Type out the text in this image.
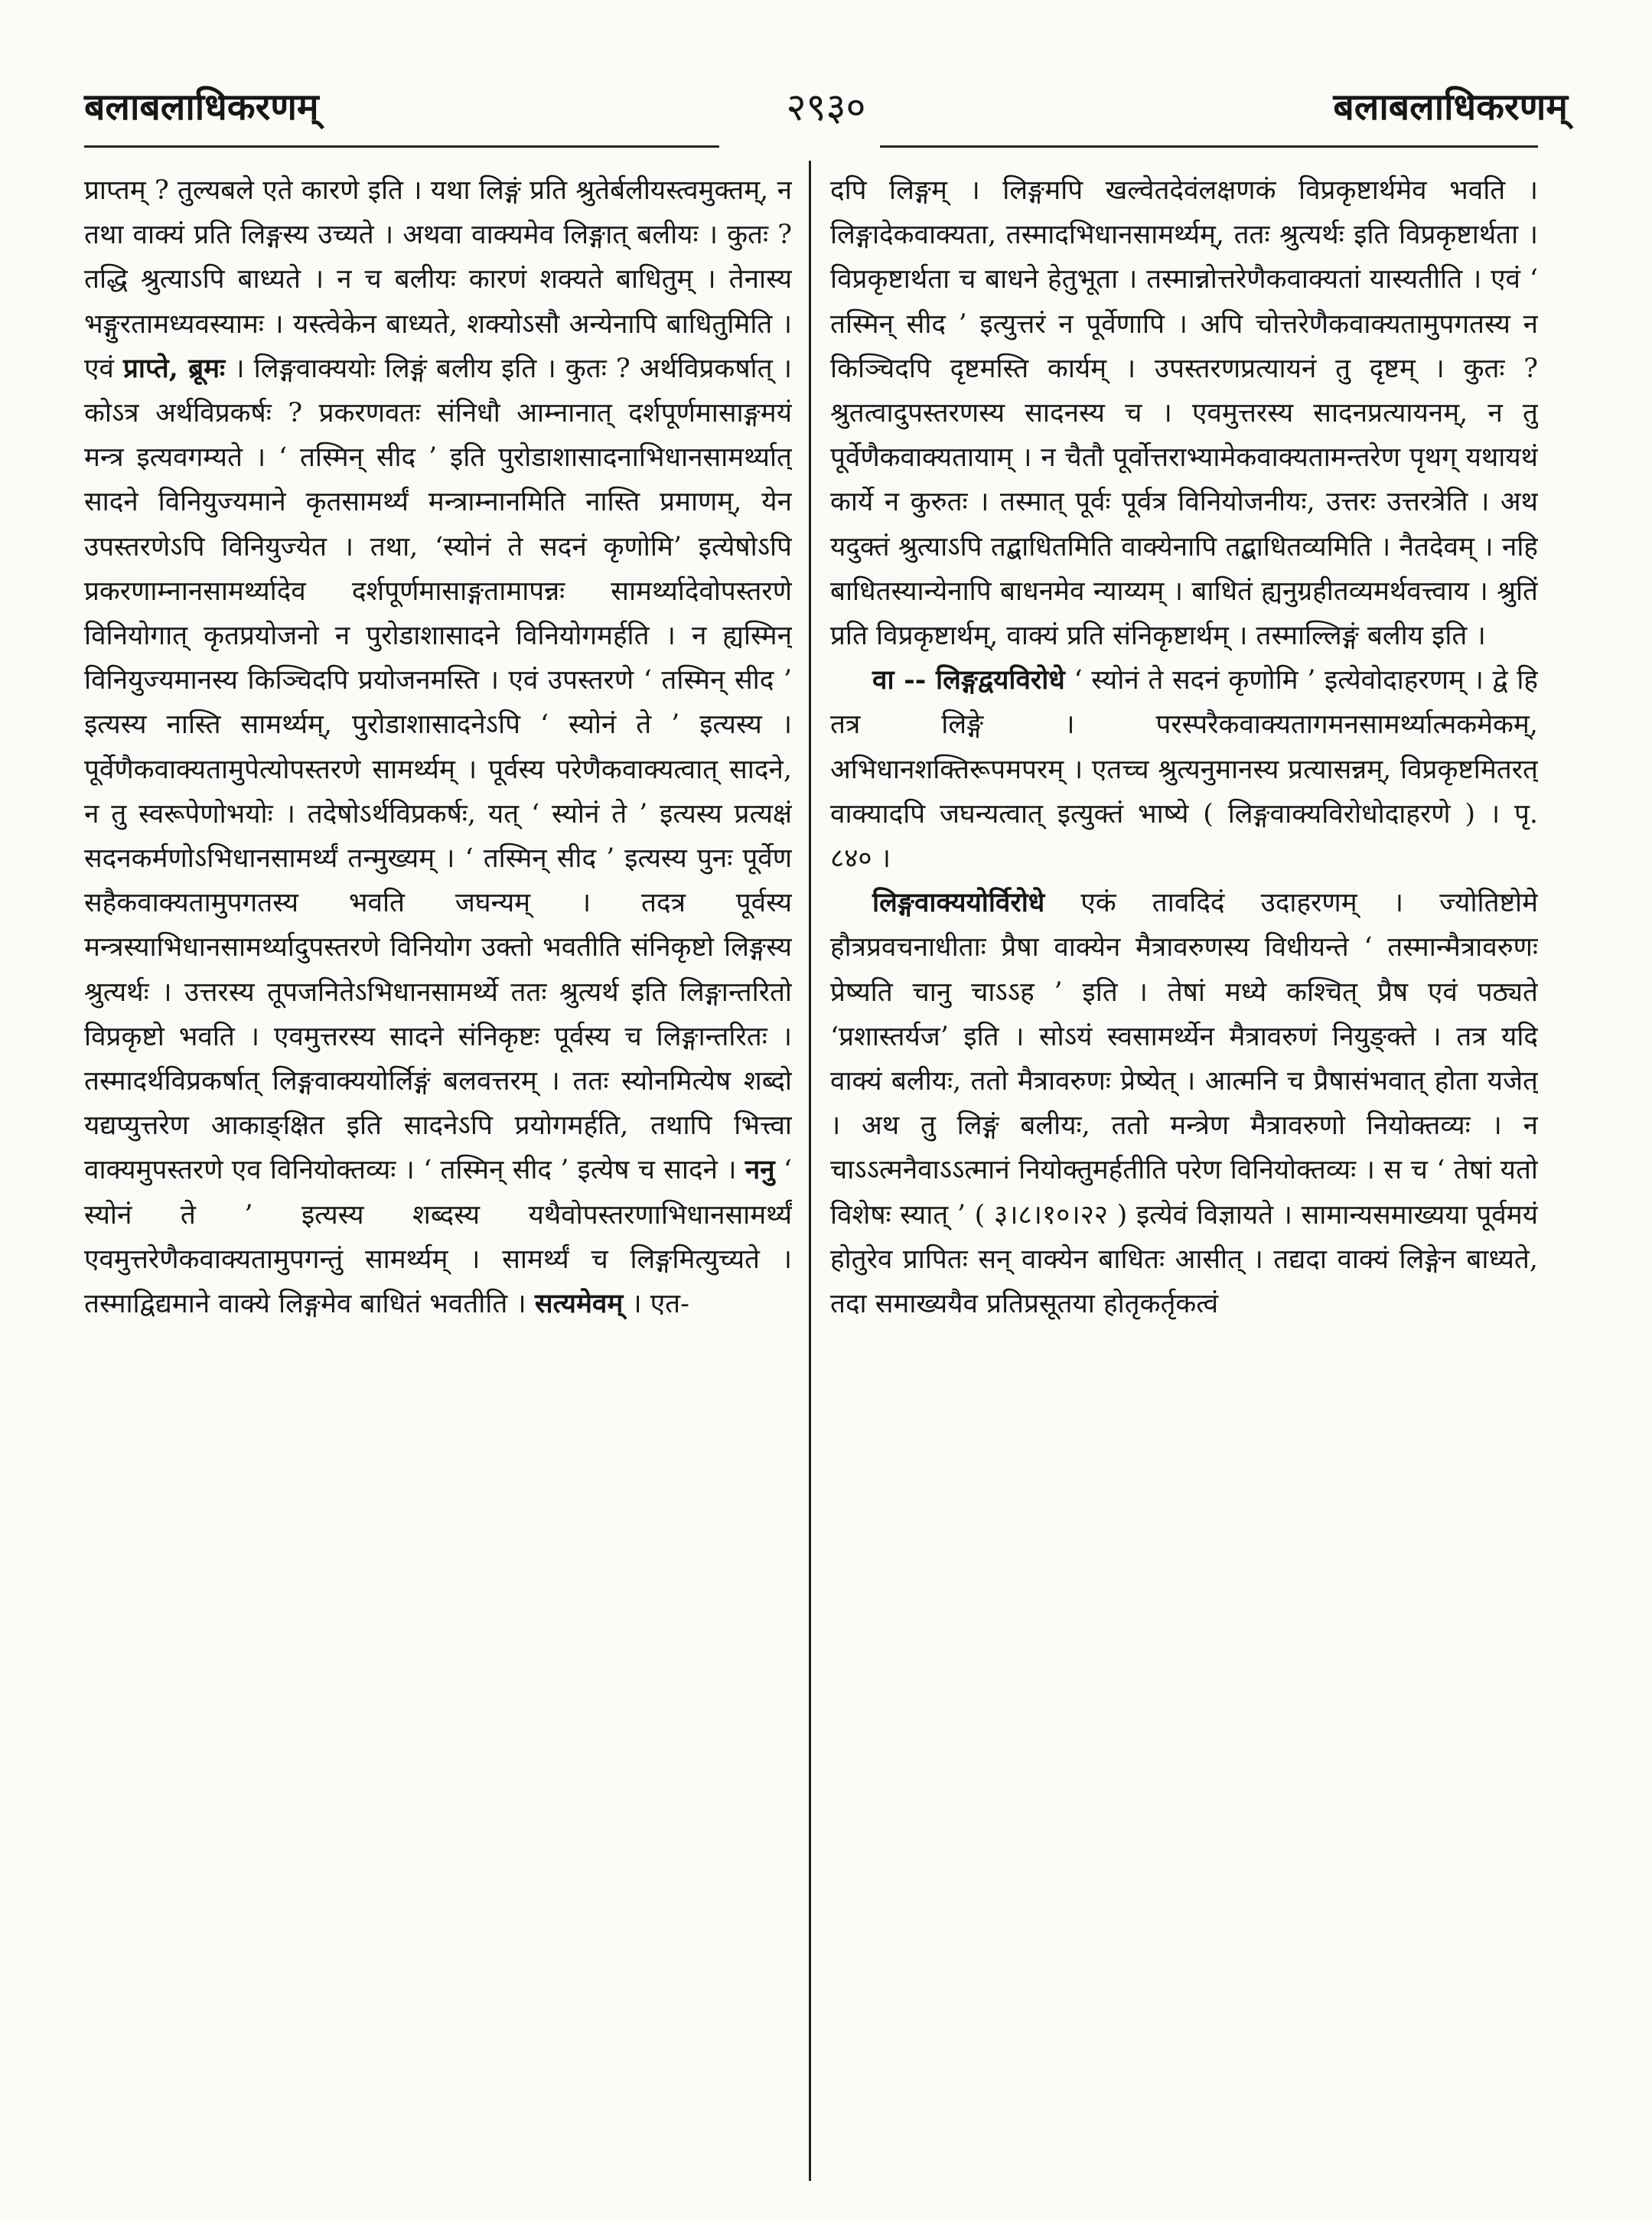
२९३०
बलाबलाधिकरणम्	बलाबलाधिकरणम्

प्राप्तम् ? तुल्यबले एते कारणे इति । यथा लिङ्गं प्रति श्रुतेर्बलीयस्त्वमुक्तम्, न तथा वाक्यं प्रति लिङ्गस्य उच्यते । अथवा वाक्यमेव लिङ्गात् बलीयः । कुतः ? तद्धि श्रुत्याऽपि बाध्यते । न च बलीयः कारणं शक्यते बाधितुम् । तेनास्य भङ्गुरतामध्यवस्यामः । यस्त्वेकेन बाध्यते, शक्योऽसौ अन्येनापि बाधितुमिति । एवं प्राप्ते, ब्रूमः । लिङ्गवाक्ययोः लिङ्गं बलीय इति । कुतः ? अर्थविप्रकर्षात् । कोऽत्र अर्थविप्रकर्षः ? प्रकरणवतः संनिधौ आम्नानात् दर्शपूर्णमासाङ्गमयं मन्त्र इत्यवगम्यते । ‘ तस्मिन् सीद ’ इति पुरोडाशासादनाभिधानसामर्थ्यात् सादने विनियुज्यमाने कृतसामर्थ्यं मन्त्राम्नानमिति नास्ति प्रमाणम्, येन उपस्तरणेऽपि विनियुज्येत । तथा, ‘स्योनं ते सदनं कृणोमि’ इत्येषोऽपि प्रकरणाम्नानसामर्थ्यादेव दर्शपूर्णमासाङ्गतामापन्नः सामर्थ्यादेवोपस्तरणे विनियोगात् कृतप्रयोजनो न पुरोडाशासादने विनियोगमर्हति । न ह्यस्मिन् विनियुज्यमानस्य किञ्चिदपि प्रयोजनमस्ति । एवं उपस्तरणे ‘ तस्मिन् सीद ’ इत्यस्य नास्ति सामर्थ्यम्, पुरोडाशासादनेऽपि ‘ स्योनं ते ’ इत्यस्य । पूर्वेणैकवाक्यतामुपेत्योपस्तरणे सामर्थ्यम् । पूर्वस्य परेणैकवाक्यत्वात् सादने, न तु स्वरूपेणोभयोः । तदेषोऽर्थविप्रकर्षः, यत् ‘ स्योनं ते ’ इत्यस्य प्रत्यक्षं सदनकर्मणोऽभिधानसामर्थ्यं तन्मुख्यम् । ‘ तस्मिन् सीद ’ इत्यस्य पुनः पूर्वेण सहैकवाक्यतामुपगतस्य भवति जघन्यम् । तदत्र पूर्वस्य मन्त्रस्याभिधानसामर्थ्यादुपस्तरणे विनियोग उक्तो भवतीति संनिकृष्टो लिङ्गस्य श्रुत्यर्थः । उत्तरस्य तूपजनितेऽभिधानसामर्थ्ये ततः श्रुत्यर्थ इति लिङ्गान्तरितो विप्रकृष्टो भवति । एवमुत्तरस्य सादने संनिकृष्टः पूर्वस्य च लिङ्गान्तरितः । तस्मादर्थविप्रकर्षात् लिङ्गवाक्ययोर्लिङ्गं बलवत्तरम् । ततः स्योनमित्येष शब्दो यद्यप्युत्तरेण आकाङ्क्षित इति सादनेऽपि प्रयोगमर्हति, तथापि भित्त्वा वाक्यमुपस्तरणे एव विनियोक्तव्यः । ‘ तस्मिन् सीद ’ इत्येष च सादने । ननु ‘ स्योनं ते ’ इत्यस्य शब्दस्य यथैवोपस्तरणाभिधानसामर्थ्यं एवमुत्तरेणैकवाक्यतामुपगन्तुं सामर्थ्यम् । सामर्थ्यं च लिङ्गमित्युच्यते । तस्माद्विद्यमाने वाक्ये लिङ्गमेव बाधितं भवतीति । सत्यमेवम् । एत-

दपि लिङ्गम् । लिङ्गमपि खल्वेतदेवंलक्षणकं विप्रकृष्टार्थमेव भवति । लिङ्गादेकवाक्यता, तस्मादभिधानसामर्थ्यम्, ततः श्रुत्यर्थः इति विप्रकृष्टार्थता । विप्रकृष्टार्थता च बाधने हेतुभूता । तस्मान्नोत्तरेणैकवाक्यतां यास्यतीति । एवं ‘ तस्मिन् सीद ’ इत्युत्तरं न पूर्वेणापि । अपि चोत्तरेणैकवाक्यतामुपगतस्य न किञ्चिदपि दृष्टमस्ति कार्यम् । उपस्तरणप्रत्यायनं तु दृष्टम् । कुतः ? श्रुतत्वादुपस्तरणस्य सादनस्य च । एवमुत्तरस्य सादनप्रत्यायनम्, न तु पूर्वेणैकवाक्यतायाम् । न चैतौ पूर्वोत्तराभ्यामेकवाक्यतामन्तरेण पृथग् यथायथं कार्ये न कुरुतः । तस्मात् पूर्वः पूर्वत्र विनियोजनीयः, उत्तरः उत्तरत्रेति । अथ यदुक्तं श्रुत्याऽपि तद्बाधितमिति वाक्येनापि तद्बाधितव्यमिति । नैतदेवम् । नहि बाधितस्यान्येनापि बाधनमेव न्याय्यम् । बाधितं ह्यनुग्रहीतव्यमर्थवत्त्वाय । श्रुतिं प्रति विप्रकृष्टार्थम्, वाक्यं प्रति संनिकृष्टार्थम् । तस्माल्लिङ्गं बलीय इति ।

वा -- लिङ्गद्वयविरोधे ‘ स्योनं ते सदनं कृणोमि ’ इत्येवोदाहरणम् । द्वे हि तत्र लिङ्गे । परस्परैकवाक्यतागमनसामर्थ्यात्मकमेकम्, अभिधानशक्तिरूपमपरम् । एतच्च श्रुत्यनुमानस्य प्रत्यासन्नम्, विप्रकृष्टमितरत् वाक्यादपि जघन्यत्वात् इत्युक्तं भाष्ये ( लिङ्गवाक्यविरोधोदाहरणे ) । पृ. ८४० ।

लिङ्गवाक्ययोर्विरोधे एकं तावदिदं उदाहरणम् । ज्योतिष्टोमे हौत्रप्रवचनाधीताः प्रैषा वाक्येन मैत्रावरुणस्य विधीयन्ते ‘ तस्मान्मैत्रावरुणः प्रेष्यति चानु चाऽऽह ’ इति । तेषां मध्ये कश्चित् प्रैष एवं पठ्यते ‘प्रशास्तर्यज’ इति । सोऽयं स्वसामर्थ्येन मैत्रावरुणं नियुङ्क्ते । तत्र यदि वाक्यं बलीयः, ततो मैत्रावरुणः प्रेष्येत् । आत्मनि च प्रैषासंभवात् होता यजेत् । अथ तु लिङ्गं बलीयः, ततो मन्त्रेण मैत्रावरुणो नियोक्तव्यः । न चाऽऽत्मनैवाऽऽत्मानं नियोक्तुमर्हतीति परेण विनियोक्तव्यः । स च ‘ तेषां यतो विशेषः स्यात् ’ ( ३।८।१०।२२ ) इत्येवं विज्ञायते । सामान्यसमाख्यया पूर्वमयं होतुरेव प्रापितः सन् वाक्येन बाधितः आसीत् । तद्यदा वाक्यं लिङ्गेन बाध्यते, तदा समाख्ययैव प्रतिप्रसूतया होतृकर्तृकत्वं
